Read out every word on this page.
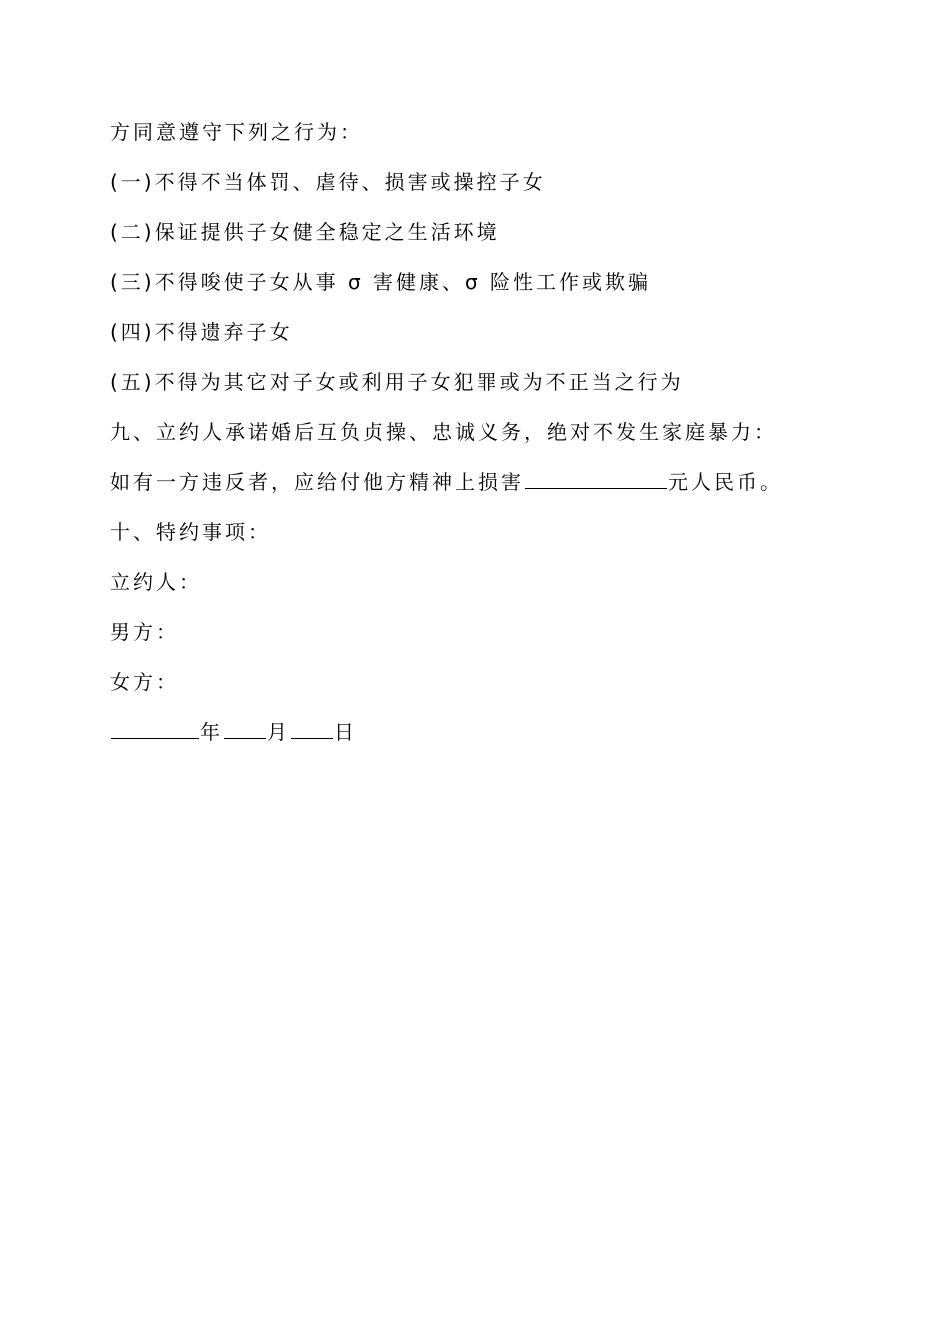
方同意遵守下列之行为：
(一)不得不当体罚、虐待、损害或操控子女
(二)保证提供子女健全稳定之生活环境
(三)不得唆使子女从事 σ 害健康、σ 险性工作或欺骗
(四)不得遗弃子女
(五)不得为其它对子女或利用子女犯罪或为不正当之行为
九、立约人承诺婚后互负贞操、忠诚义务，绝对不发生家庭暴力：
如有一方违反者，应给付他方精神上损害	元人民币。
十、特约事项：
立约人：
男方：
女方：
年 月 日
